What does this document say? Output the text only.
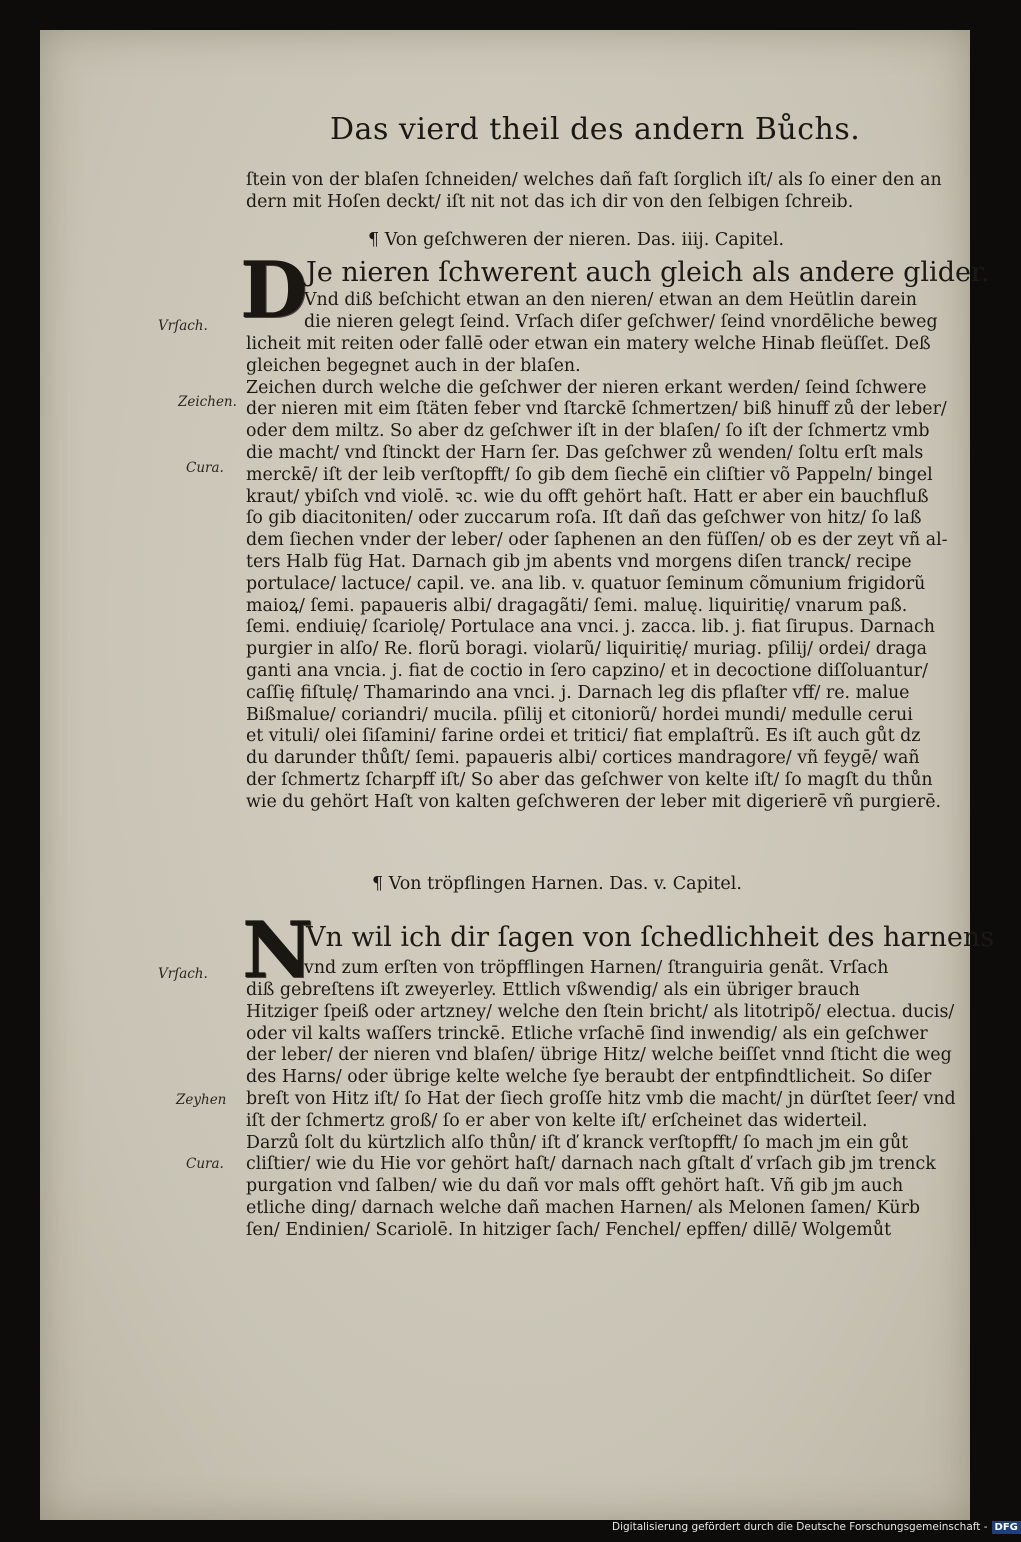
Das vierd theil des andern Bůchs.
ſtein von der blaſen ſchneiden/ welches dañ faſt ſorglich iſt/ als ſo einer den an
dern mit Hoſen deckt/ iſt nit not das ich dir von den ſelbigen ſchreib.
¶ Von geſchweren der nieren. Das. iiij. Capitel.
D
Je nieren ſchwerent auch gleich als andere glider.
Vnd diß beſchicht etwan an den nieren/ etwan an dem Heütlin darein
die nieren gelegt ſeind. Vrſach diſer geſchwer/ ſeind vnordēliche beweg
licheit mit reiten oder fallē oder etwan ein matery welche Hinab fleüſſet. Deß
gleichen begegnet auch in der blaſen.
Zeichen durch welche die geſchwer der nieren erkant werden/ ſeind ſchwere
der nieren mit eim ſtäten feber vnd ſtarckē ſchmertzen/ biß hinuff zů der leber/
oder dem miltz. So aber dz geſchwer iſt in der blaſen/ ſo iſt der ſchmertz vmb
die macht/ vnd ſtinckt der Harn ſer. Das geſchwer zů wenden/ ſoltu erſt mals
merckē/ iſt der leib verſtopfft/ ſo gib dem ſiechē ein cliſtier võ Pappeln/ bingel
kraut/ ybiſch vnd violē. ꝛc. wie du offt gehört haſt. Hatt er aber ein bauchfluß
ſo gib diacitoniten/ oder zuccarum roſa. Iſt dañ das geſchwer von hitz/ ſo laß
dem ſiechen vnder der leber/ oder ſaphenen an den füſſen/ ob es der zeyt vñ al-
ters Halb füg Hat. Darnach gib jm abents vnd morgens diſen tranck/ recipe
portulace/ lactuce/ capil. ve. ana lib. v. quatuor ſeminum cõmunium frigidorũ
maioꝝ/ ſemi. papaueris albi/ dragagãti/ ſemi. maluę. liquiritię/ vnarum paß.
ſemi. endiuię/ ſcariolę/ Portulace ana vnci. j. zacca. lib. j. fiat ſirupus. Darnach
purgier in alſo/ Re. florũ boragi. violarũ/ liquiritię/ muriag. pſilij/ ordei/ draga
ganti ana vncia. j. fiat de coctio in ſero capzino/ et in decoctione diſſoluantur/
caſſię fiſtulę/ Thamarindo ana vnci. j. Darnach leg dis pflaſter vff/ re. malue
Bißmalue/ coriandri/ mucila. pſilij et citoniorũ/ hordei mundi/ medulle cerui
et vituli/ olei ſiſamini/ farine ordei et tritici/ fiat emplaſtrũ. Es iſt auch gůt dz
du darunder thůſt/ ſemi. papaueris albi/ cortices mandragore/ vñ feygē/ wañ
der ſchmertz ſcharpff iſt/ So aber das geſchwer von kelte iſt/ ſo magſt du thůn
wie du gehört Haſt von kalten geſchweren der leber mit digerierē vñ purgierē.
¶ Von tröpflingen Harnen. Das. v. Capitel.
N
Vn wil ich dir ſagen von ſchedlichheit des harnens
vnd zum erſten von tröpfflingen Harnen/ ſtranguiria genãt. Vrſach
diß gebreſtens iſt zweyerley. Ettlich vßwendig/ als ein übriger brauch
Hitziger ſpeiß oder artzney/ welche den ſtein bricht/ als litotripõ/ electua. ducis/
oder vil kalts waſſers trinckē. Etliche vrſachē ſind inwendig/ als ein geſchwer
der leber/ der nieren vnd blaſen/ übrige Hitz/ welche beiſſet vnnd ſticht die weg
des Harns/ oder übrige kelte welche ſye beraubt der entpfindtlicheit. So diſer
breſt von Hitz iſt/ ſo Hat der ſiech groſſe hitz vmb die macht/ jn dürſtet ſeer/ vnd
iſt der ſchmertz groß/ ſo er aber von kelte iſt/ erſcheinet das widerteil.
Darzů ſolt du kürtzlich alſo thůn/ iſt ď kranck verſtopfft/ ſo mach jm ein gůt
cliſtier/ wie du Hie vor gehört haſt/ darnach nach gſtalt ď vrſach gib jm trenck
purgation vnd ſalben/ wie du dañ vor mals offt gehört haſt. Vñ gib jm auch
etliche ding/ darnach welche dañ machen Harnen/ als Melonen ſamen/ Kürb
ſen/ Endinien/ Scariolē. In hitziger ſach/ Fenchel/ epffen/ dillē/ Wolgemůt
Vrſach.
Zeichen.
Cura.
Vrſach.
Zeyhen
Cura.
Digitalisierung gefördert durch die Deutsche Forschungsgemeinschaft - DFG
